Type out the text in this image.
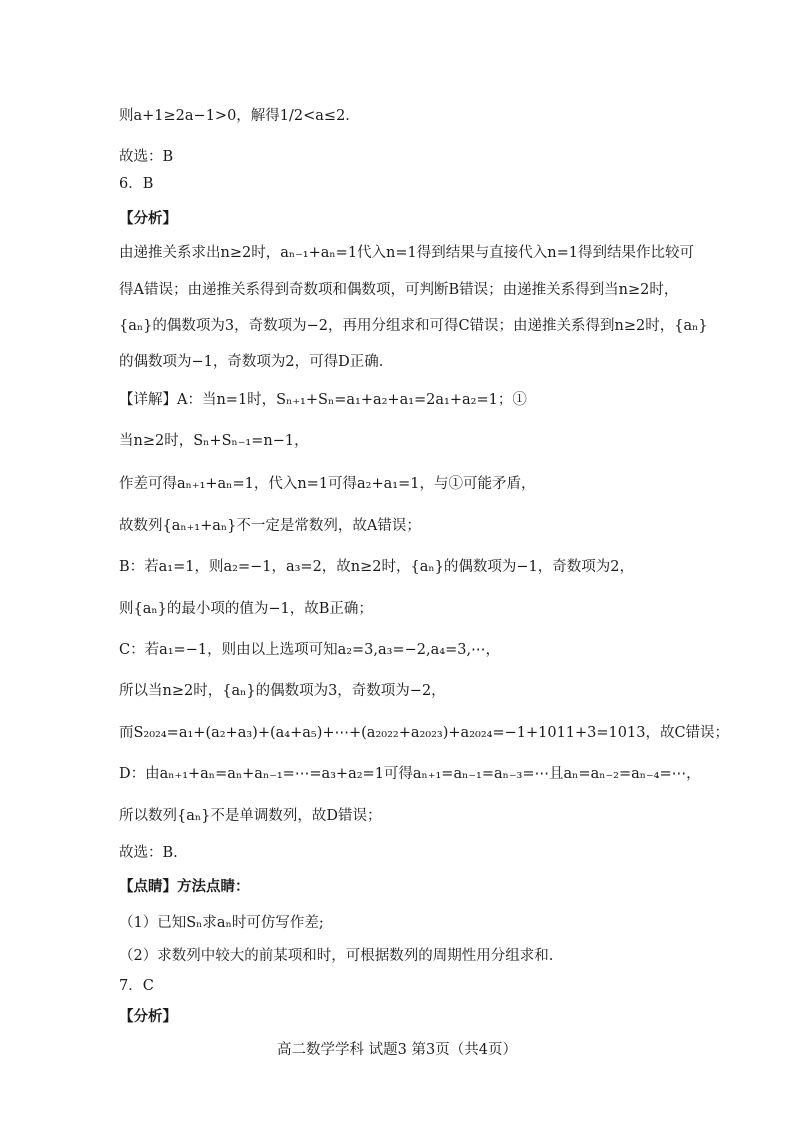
则a+1≥2a−1>0，解得1/2<a≤2．
故选：B
6．B
【分析】
由递推关系求出n≥2时，aₙ₋₁+aₙ=1代入n=1得到结果与直接代入n=1得到结果作比较可
得A错误；由递推关系得到奇数项和偶数项，可判断B错误；由递推关系得到当n≥2时，
{aₙ}的偶数项为3，奇数项为−2，再用分组求和可得C错误；由递推关系得到n≥2时，{aₙ}
的偶数项为−1，奇数项为2，可得D正确.
【详解】A：当n=1时，Sₙ₊₁+Sₙ=a₁+a₂+a₁=2a₁+a₂=1；①
当n≥2时，Sₙ+Sₙ₋₁=n−1，
作差可得aₙ₊₁+aₙ=1，代入n=1可得a₂+a₁=1，与①可能矛盾，
故数列{aₙ₊₁+aₙ}不一定是常数列，故A错误；
B：若a₁=1，则a₂=−1，a₃=2，故n≥2时，{aₙ}的偶数项为−1，奇数项为2，
则{aₙ}的最小项的值为−1，故B正确；
C：若a₁=−1，则由以上选项可知a₂=3,a₃=−2,a₄=3,⋯，
所以当n≥2时，{aₙ}的偶数项为3，奇数项为−2，
而S₂₀₂₄=a₁+(a₂+a₃)+(a₄+a₅)+⋯+(a₂₀₂₂+a₂₀₂₃)+a₂₀₂₄=−1+1011+3=1013，故C错误；
D：由aₙ₊₁+aₙ=aₙ+aₙ₋₁=⋯=a₃+a₂=1可得aₙ₊₁=aₙ₋₁=aₙ₋₃=⋯且aₙ=aₙ₋₂=aₙ₋₄=⋯，
所以数列{aₙ}不是单调数列，故D错误；
故选：B.
【点睛】方法点睛：
（1）已知Sₙ求aₙ时可仿写作差;
（2）求数列中较大的前某项和时，可根据数列的周期性用分组求和.
7．C
【分析】
高二数学学科 试题3 第3页（共4页）
